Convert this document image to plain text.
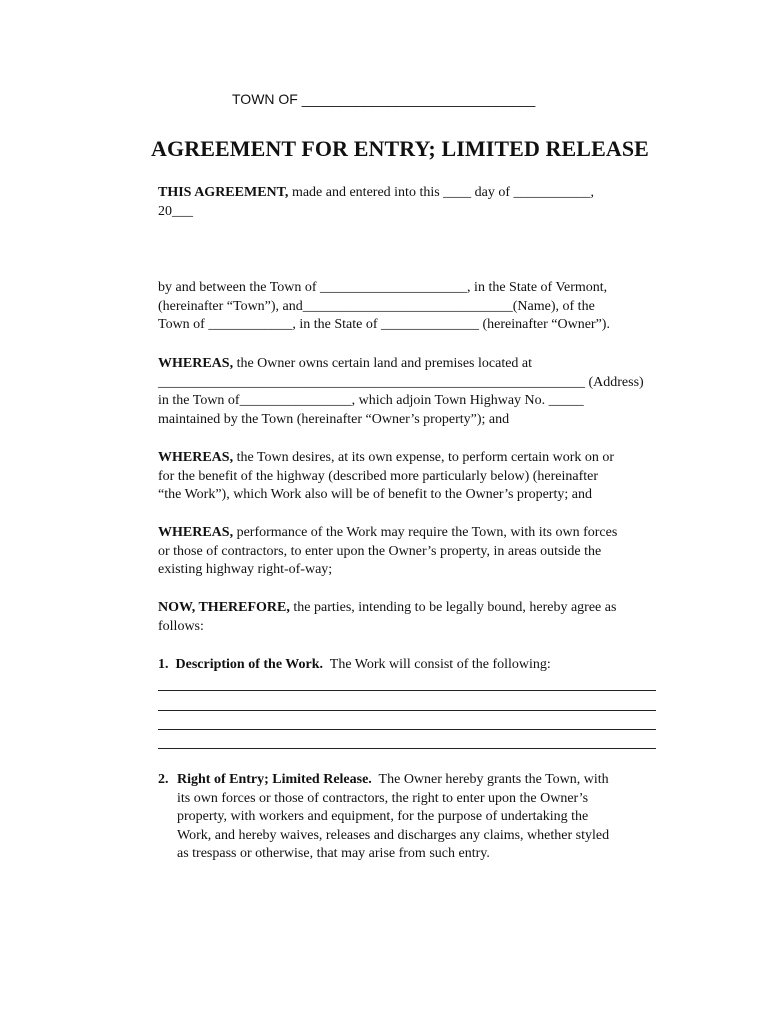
TOWN OF ______________________________
AGREEMENT FOR ENTRY; LIMITED RELEASE
THIS AGREEMENT, made and entered into this ____ day of ___________,
20___
by and between the Town of _____________________, in the State of Vermont,
(hereinafter “Town”), and______________________________(Name), of the
Town of ____________, in the State of ______________ (hereinafter “Owner”).
WHEREAS, the Owner owns certain land and premises located at
_____________________________________________________________ (Address)
in the Town of________________, which adjoin Town Highway No. _____
maintained by the Town (hereinafter “Owner’s property”); and
WHEREAS, the Town desires, at its own expense, to perform certain work on or
for the benefit of the highway (described more particularly below) (hereinafter
“the Work”), which Work also will be of benefit to the Owner’s property; and
WHEREAS, performance of the Work may require the Town, with its own forces
or those of contractors, to enter upon the Owner’s property, in areas outside the
existing highway right-of-way;
NOW, THEREFORE, the parties, intending to be legally bound, hereby agree as
follows:
1.  Description of the Work.  The Work will consist of the following:
2. Right of Entry; Limited Release.  The Owner hereby grants the Town, with
its own forces or those of contractors, the right to enter upon the Owner’s
property, with workers and equipment, for the purpose of undertaking the
Work, and hereby waives, releases and discharges any claims, whether styled
as trespass or otherwise, that may arise from such entry.
